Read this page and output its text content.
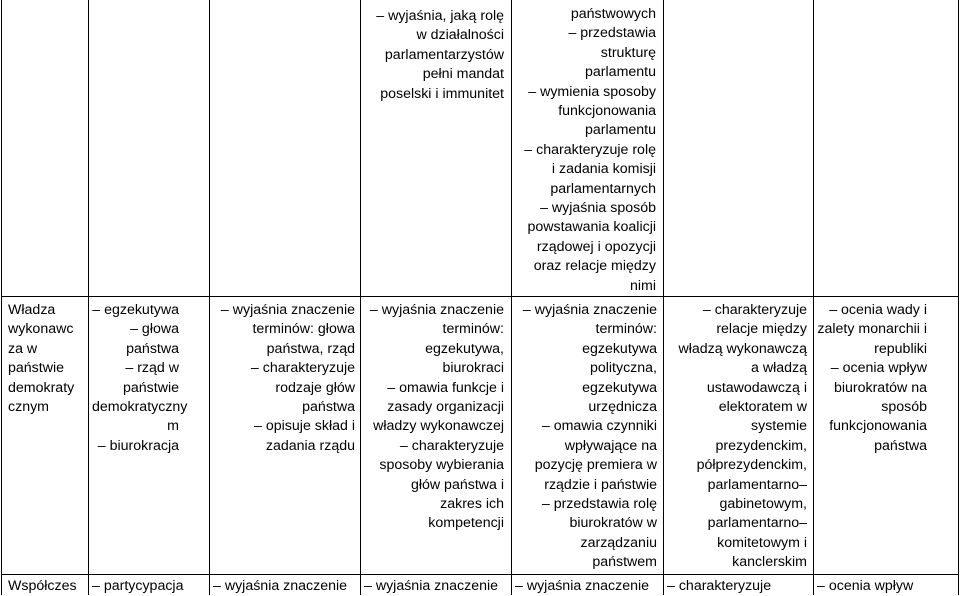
– wyjaśnia, jaką rolę
w działalności
parlamentarzystów
pełni mandat
poselski i immunitet
państwowych
– przedstawia
strukturę
parlamentu
– wymienia sposoby
funkcjonowania
parlamentu
– charakteryzuje rolę
i zadania komisji
parlamentarnych
– wyjaśnia sposób
powstawania koalicji
rządowej i opozycji
oraz relacje między
nimi
Władza
wykonawc
za w
państwie
demokraty
cznym
– egzekutywa
– głowa
państwa
– rząd w
państwie
demokratyczny
m
– biurokracja
– wyjaśnia znaczenie
terminów: głowa
państwa, rząd
– charakteryzuje
rodzaje głów
państwa
– opisuje skład i
zadania rządu
– wyjaśnia znaczenie
terminów:
egzekutywa,
biurokraci
– omawia funkcje i
zasady organizacji
władzy wykonawczej
– charakteryzuje
sposoby wybierania
głów państwa i
zakres ich
kompetencji
– wyjaśnia znaczenie
terminów:
egzekutywa
polityczna,
egzekutywa
urzędnicza
– omawia czynniki
wpływające na
pozycję premiera w
rządzie i państwie
– przedstawia rolę
biurokratów w
zarządzaniu
państwem
– charakteryzuje
relacje między
władzą wykonawczą
a władzą
ustawodawczą i
elektoratem w
systemie
prezydenckim,
półprezydenckim,
parlamentarno–
gabinetowym,
parlamentarno–
komitetowym i
kanclerskim
– ocenia wady i
zalety monarchii i
republiki
– ocenia wpływ
biurokratów na
sposób
funkcjonowania
państwa
Współczes – partycypacja – wyjaśnia znaczenie – wyjaśnia znaczenie – wyjaśnia znaczenie – charakteryzuje	– ocenia wpływ
